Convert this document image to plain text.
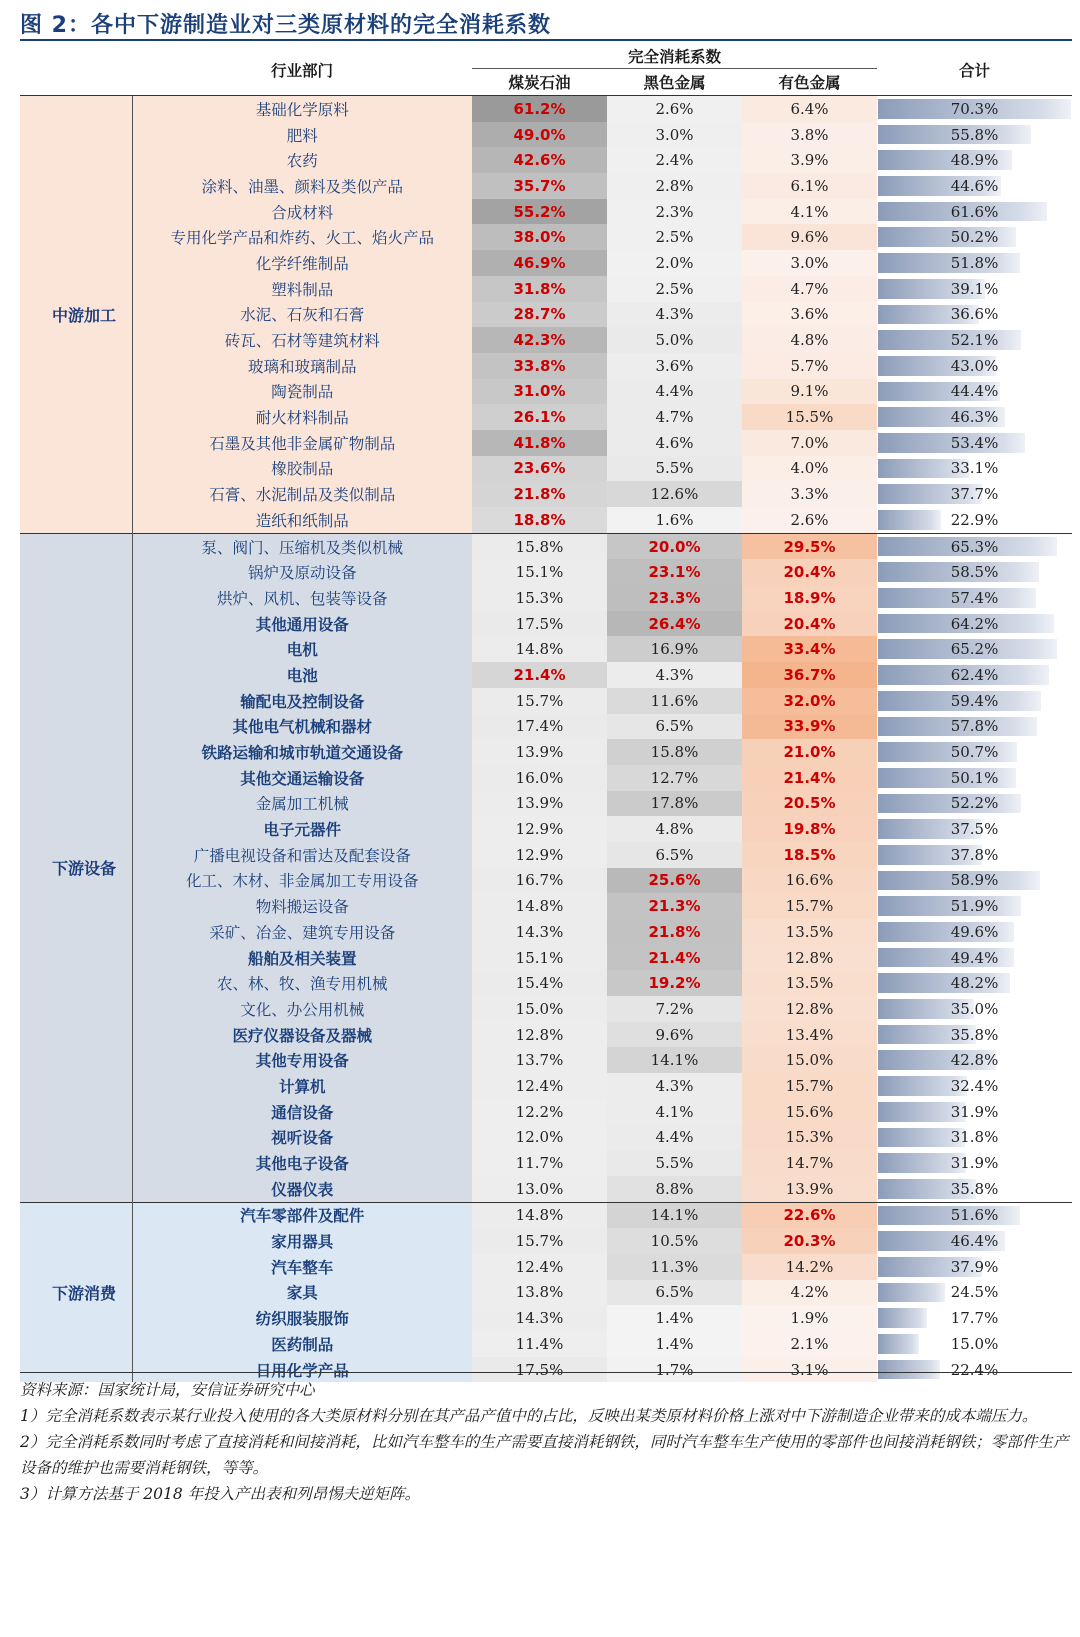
图 2：各中下游制造业对三类原材料的完全消耗系数
	行业部门	完全消耗系数			合计
		煤炭石油	黑色金属	有色金属	
中游加工	基础化学原料	61.2%	2.6%	6.4%	70.3%
	肥料	49.0%	3.0%	3.8%	55.8%
	农药	42.6%	2.4%	3.9%	48.9%
	涂料、油墨、颜料及类似产品	35.7%	2.8%	6.1%	44.6%
	合成材料	55.2%	2.3%	4.1%	61.6%
	专用化学产品和炸药、火工、焰火产品	38.0%	2.5%	9.6%	50.2%
	化学纤维制品	46.9%	2.0%	3.0%	51.8%
	塑料制品	31.8%	2.5%	4.7%	39.1%
	水泥、石灰和石膏	28.7%	4.3%	3.6%	36.6%
	砖瓦、石材等建筑材料	42.3%	5.0%	4.8%	52.1%
	玻璃和玻璃制品	33.8%	3.6%	5.7%	43.0%
	陶瓷制品	31.0%	4.4%	9.1%	44.4%
	耐火材料制品	26.1%	4.7%	15.5%	46.3%
	石墨及其他非金属矿物制品	41.8%	4.6%	7.0%	53.4%
	橡胶制品	23.6%	5.5%	4.0%	33.1%
	石膏、水泥制品及类似制品	21.8%	12.6%	3.3%	37.7%
	造纸和纸制品	18.8%	1.6%	2.6%	22.9%
下游设备	泵、阀门、压缩机及类似机械	15.8%	20.0%	29.5%	65.3%
	锅炉及原动设备	15.1%	23.1%	20.4%	58.5%
	烘炉、风机、包装等设备	15.3%	23.3%	18.9%	57.4%
	其他通用设备	17.5%	26.4%	20.4%	64.2%
	电机	14.8%	16.9%	33.4%	65.2%
	电池	21.4%	4.3%	36.7%	62.4%
	输配电及控制设备	15.7%	11.6%	32.0%	59.4%
	其他电气机械和器材	17.4%	6.5%	33.9%	57.8%
	铁路运输和城市轨道交通设备	13.9%	15.8%	21.0%	50.7%
	其他交通运输设备	16.0%	12.7%	21.4%	50.1%
	金属加工机械	13.9%	17.8%	20.5%	52.2%
	电子元器件	12.9%	4.8%	19.8%	37.5%
	广播电视设备和雷达及配套设备	12.9%	6.5%	18.5%	37.8%
	化工、木材、非金属加工专用设备	16.7%	25.6%	16.6%	58.9%
	物料搬运设备	14.8%	21.3%	15.7%	51.9%
	采矿、冶金、建筑专用设备	14.3%	21.8%	13.5%	49.6%
	船舶及相关装置	15.1%	21.4%	12.8%	49.4%
	农、林、牧、渔专用机械	15.4%	19.2%	13.5%	48.2%
	文化、办公用机械	15.0%	7.2%	12.8%	35.0%
	医疗仪器设备及器械	12.8%	9.6%	13.4%	35.8%
	其他专用设备	13.7%	14.1%	15.0%	42.8%
	计算机	12.4%	4.3%	15.7%	32.4%
	通信设备	12.2%	4.1%	15.6%	31.9%
	视听设备	12.0%	4.4%	15.3%	31.8%
	其他电子设备	11.7%	5.5%	14.7%	31.9%
	仪器仪表	13.0%	8.8%	13.9%	35.8%
下游消费	汽车零部件及配件	14.8%	14.1%	22.6%	51.6%
	家用器具	15.7%	10.5%	20.3%	46.4%
	汽车整车	12.4%	11.3%	14.2%	37.9%
	家具	13.8%	6.5%	4.2%	24.5%
	纺织服装服饰	14.3%	1.4%	1.9%	17.7%
	医药制品	11.4%	1.4%	2.1%	15.0%
	日用化学产品	17.5%	1.7%	3.1%	22.4%

资料来源：国家统计局，安信证券研究中心

1）完全消耗系数表示某行业投入使用的各大类原材料分别在其产品产值中的占比，反映出某类原材料价格上涨对中下游制造企业带来的成本端压力。

2）完全消耗系数同时考虑了直接消耗和间接消耗，比如汽车整车的生产需要直接消耗钢铁，同时汽车整车生产使用的零部件也间接消耗钢铁；零部件生产设备的维护也需要消耗钢铁，等等。

3）计算方法基于 2018 年投入产出表和列昂惕夫逆矩阵。
